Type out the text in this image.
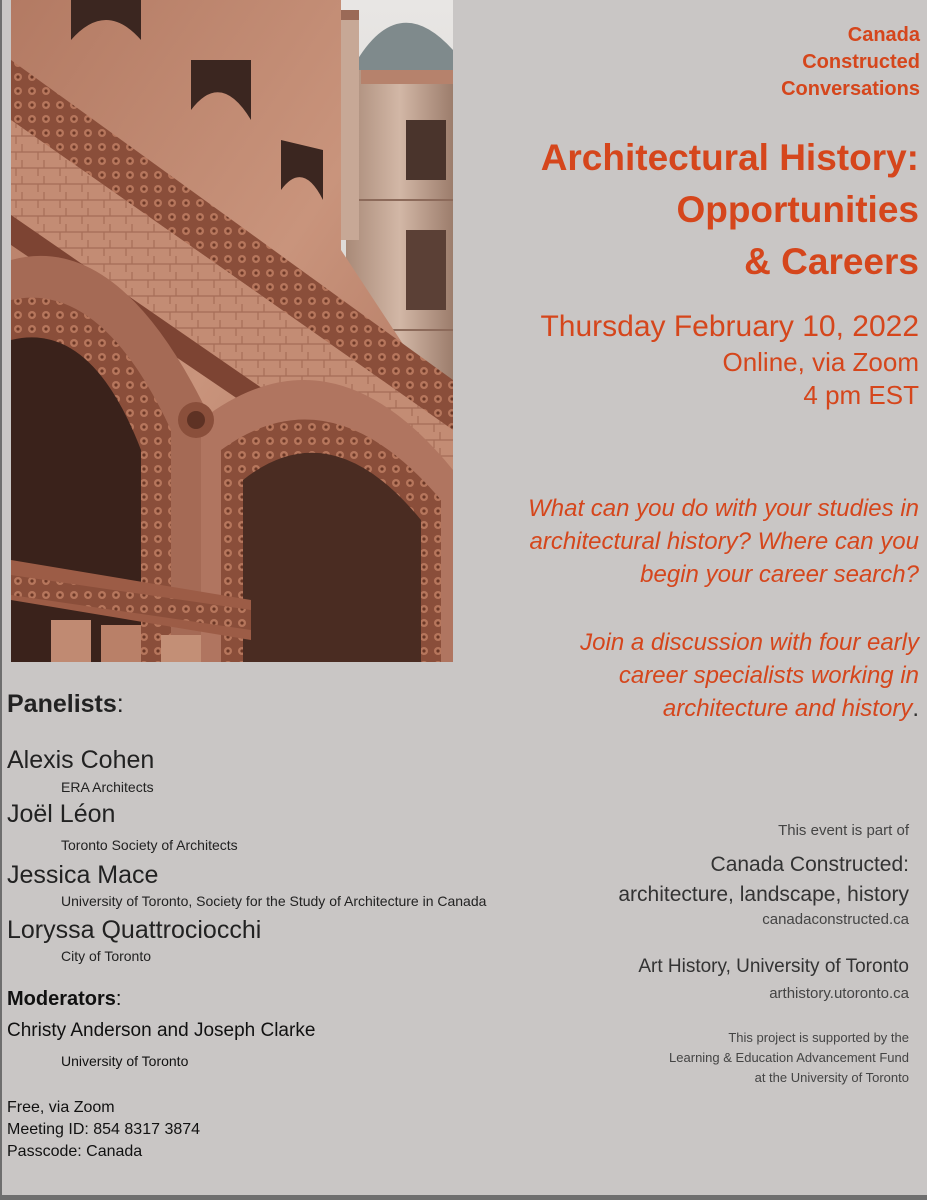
Canada
Constructed
Conversations
Architectural History:
Opportunities
& Careers
Thursday February 10, 2022
Online, via Zoom
4 pm EST
What can you do with your studies in
architectural history? Where can you
begin your career search?
Join a discussion with four early
career specialists working in
architecture and history.
Panelists:
Alexis Cohen
ERA Architects
Joël Léon
Toronto Society of Architects
Jessica Mace
University of Toronto, Society for the Study of Architecture in Canada
Loryssa Quattrociocchi
City of Toronto
Moderators:
Christy Anderson and Joseph Clarke
University of Toronto
Free, via Zoom
Meeting ID: 854 8317 3874
Passcode: Canada
This event is part of
Canada Constructed:
architecture, landscape, history
canadaconstructed.ca
Art History, University of Toronto
arthistory.utoronto.ca
This project is supported by the
Learning & Education Advancement Fund
at the University of Toronto
